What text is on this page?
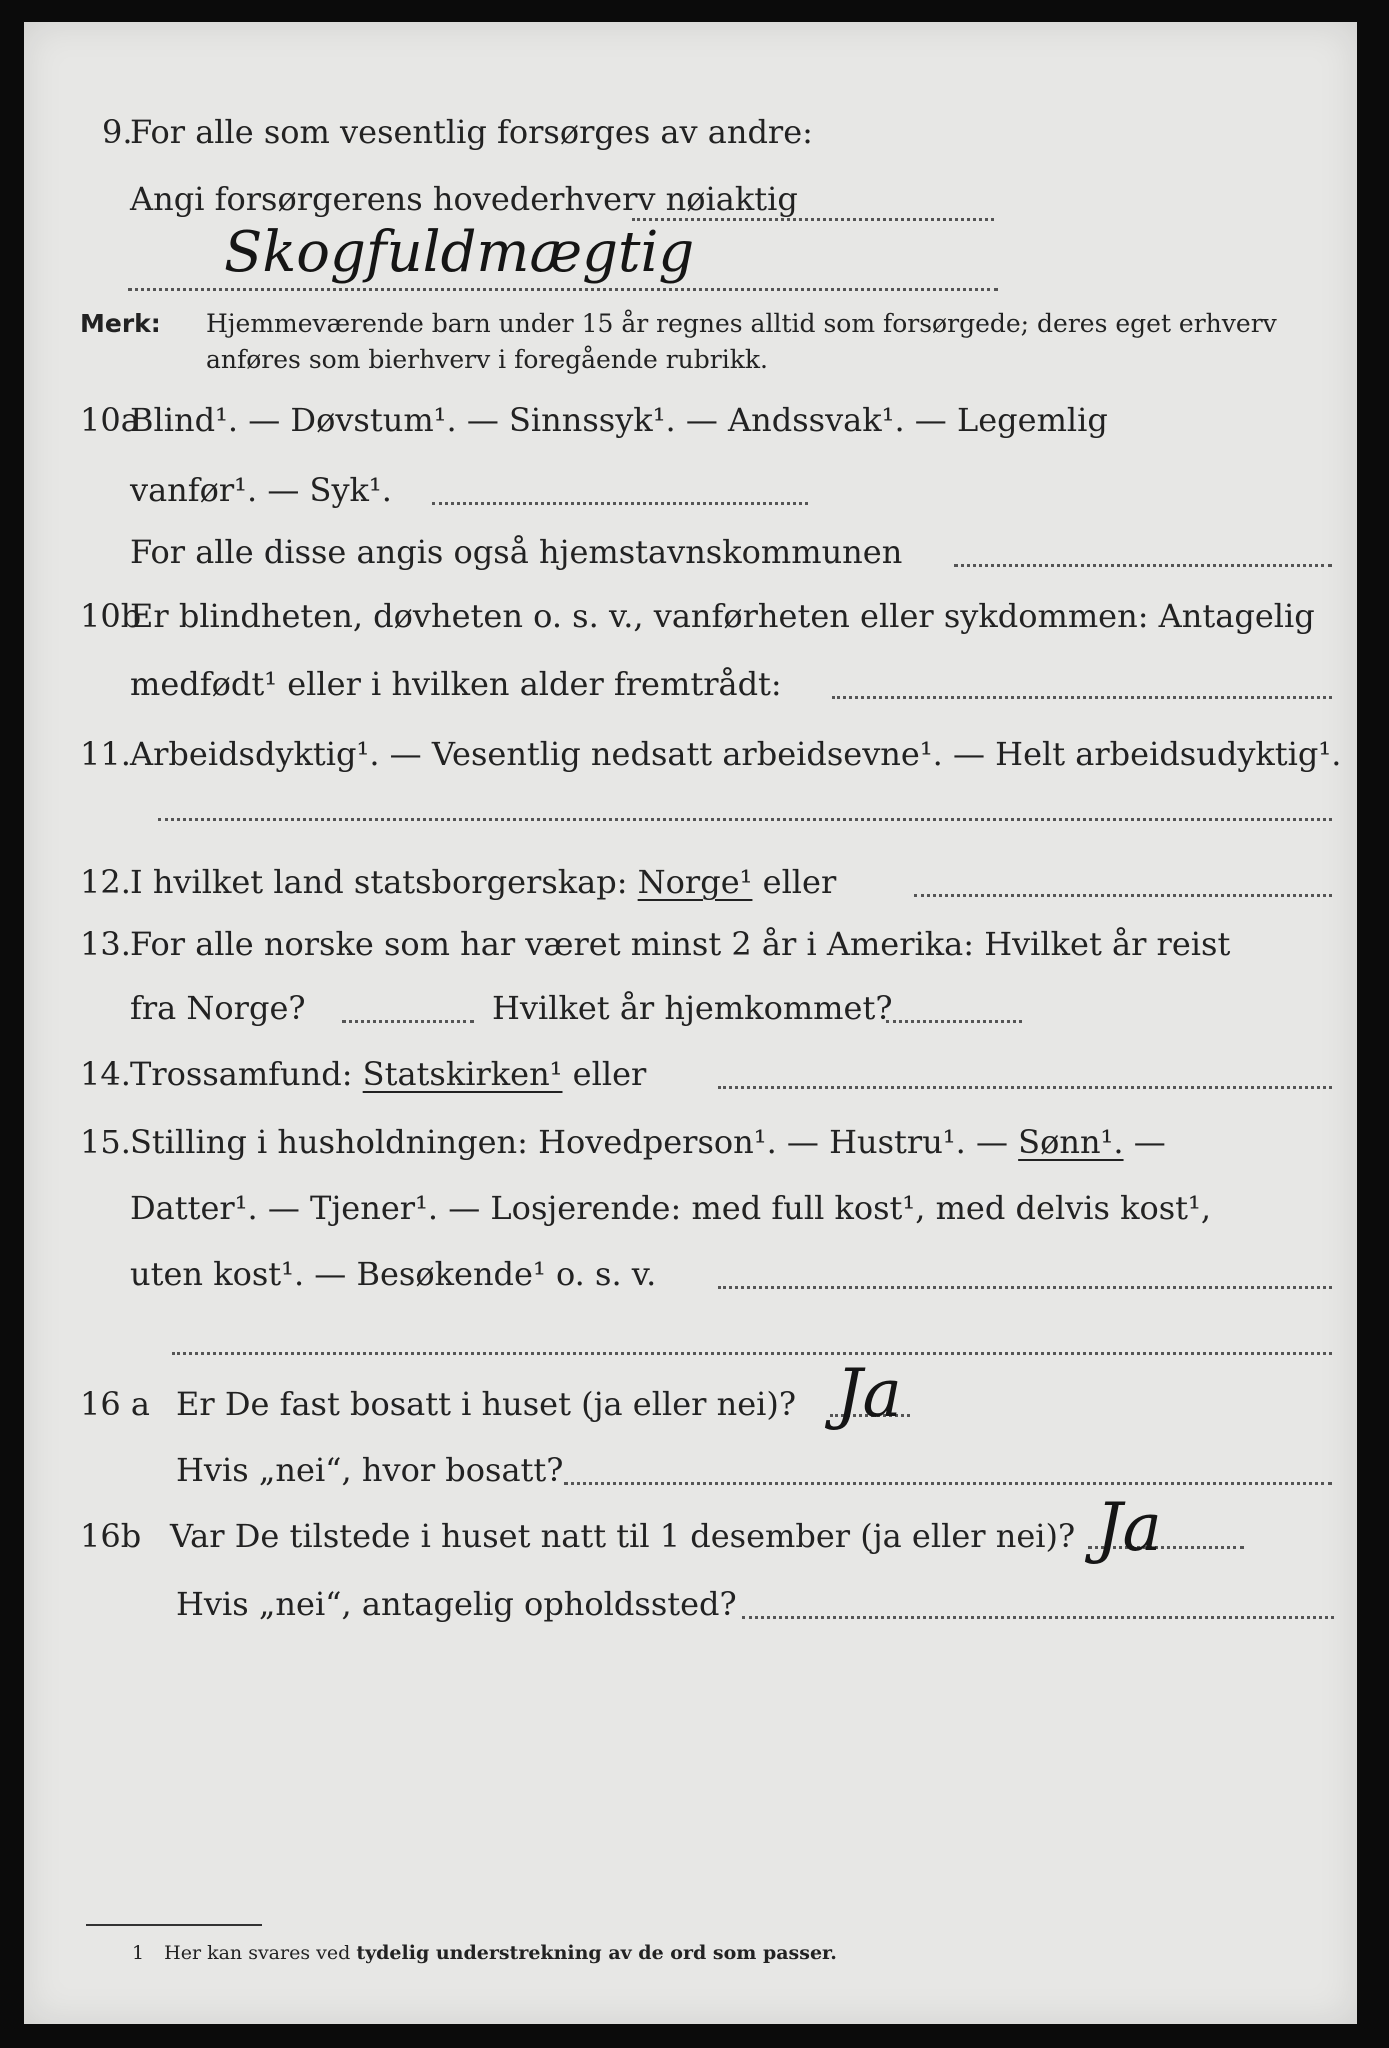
9.
For alle som vesentlig forsørges av andre:
Angi forsørgerens hovederhverv nøiaktig
Skogfuldmægtig
Merk: Hjemmeværende barn under 15 år regnes alltid som forsørgede; deres eget erhverv
anføres som bierhverv i foregående rubrikk.
10a
Blind¹. — Døvstum¹. — Sinnssyk¹. — Andssvak¹. — Legemlig
vanfør¹. — Syk¹.
For alle disse angis også hjemstavnskommunen
10b
Er blindheten, døvheten o. s. v., vanførheten eller sykdommen: Antagelig
medfødt¹ eller i hvilken alder fremtrådt:
11. Arbeidsdyktig¹. — Vesentlig nedsatt arbeidsevne¹. — Helt arbeidsudyktig¹.
12. I hvilket land statsborgerskap: Norge¹ eller
13. For alle norske som har været minst 2 år i Amerika: Hvilket år reist
fra Norge?	Hvilket år hjemkommet?
14. Trossamfund: Statskirken¹ eller
15. Stilling i husholdningen: Hovedperson¹. — Hustru¹. — Sønn¹. —
Datter¹. — Tjener¹. — Losjerende: med full kost¹, med delvis kost¹,
uten kost¹. — Besøkende¹ o. s. v.
16 a Er De fast bosatt i huset (ja eller nei)? Ja
Hvis „nei“, hvor bosatt?
16b Var De tilstede i huset natt til 1 desember (ja eller nei)? Ja
Hvis „nei“, antagelig opholdssted?
1 Her kan svares ved tydelig understrekning av de ord som passer.
